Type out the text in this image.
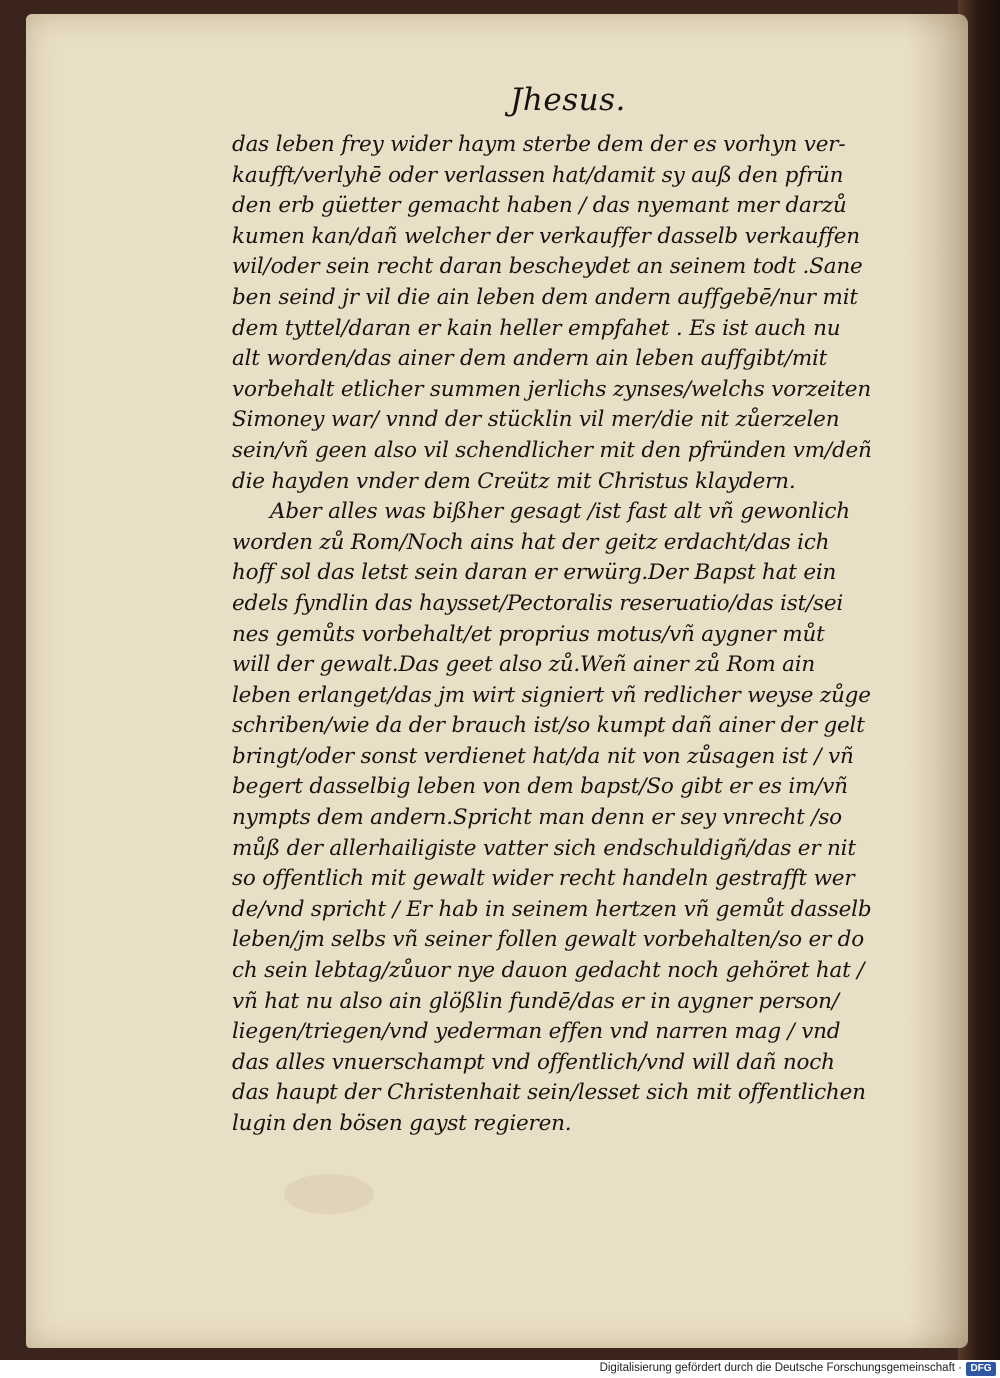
Jhesus.
das leben frey wider haym sterbe dem der es vorhyn ver-
kaufft/verlyhē oder verlassen hat/damit sy auß den pfrün
den erb güetter gemacht haben / das nyemant mer darzů
kumen kan/dañ welcher der verkauffer dasselb verkauffen
wil/oder sein recht daran bescheydet an seinem todt .Sane
ben seind jr vil die ain leben dem andern auffgebē/nur mit
dem tyttel/daran er kain heller empfahet . Es ist auch nu
alt worden/das ainer dem andern ain leben auffgibt/mit
vorbehalt etlicher summen jerlichs zynses/welchs vorzeiten
Simoney war/ vnnd der stücklin vil mer/die nit zůerzelen
sein/vñ geen also vil schendlicher mit den pfründen vm/deñ
die hayden vnder dem Creütz mit Christus klaydern.
Aber alles was bißher gesagt /ist fast alt vñ gewonlich
worden zů Rom/Noch ains hat der geitz erdacht/das ich
hoff sol das letst sein daran er erwürg.Der Bapst hat ein
edels fyndlin das haysset/Pectoralis reseruatio/das ist/sei
nes gemůts vorbehalt/et proprius motus/vñ aygner můt
will der gewalt.Das geet also zů.Weñ ainer zů Rom ain
leben erlanget/das jm wirt signiert vñ redlicher weyse zůge
schriben/wie da der brauch ist/so kumpt dañ ainer der gelt
bringt/oder sonst verdienet hat/da nit von zůsagen ist / vñ
begert dasselbig leben von dem bapst/So gibt er es im/vñ
nympts dem andern.Spricht man denn er sey vnrecht /so
můß der allerhailigiste vatter sich endschuldigñ/das er nit
so offentlich mit gewalt wider recht handeln gestrafft wer
de/vnd spricht / Er hab in seinem hertzen vñ gemůt dasselb
leben/jm selbs vñ seiner follen gewalt vorbehalten/so er do
ch sein lebtag/zůuor nye dauon gedacht noch gehöret hat /
vñ hat nu also ain glößlin fundē/das er in aygner person/
liegen/triegen/vnd yederman effen vnd narren mag / vnd
das alles vnuerschampt vnd offentlich/vnd will dañ noch
das haupt der Christenhait sein/lesset sich mit offentlichen
lugin den bösen gayst regieren.
Digitalisierung gefördert durch die Deutsche Forschungsgemeinschaft · DFG
